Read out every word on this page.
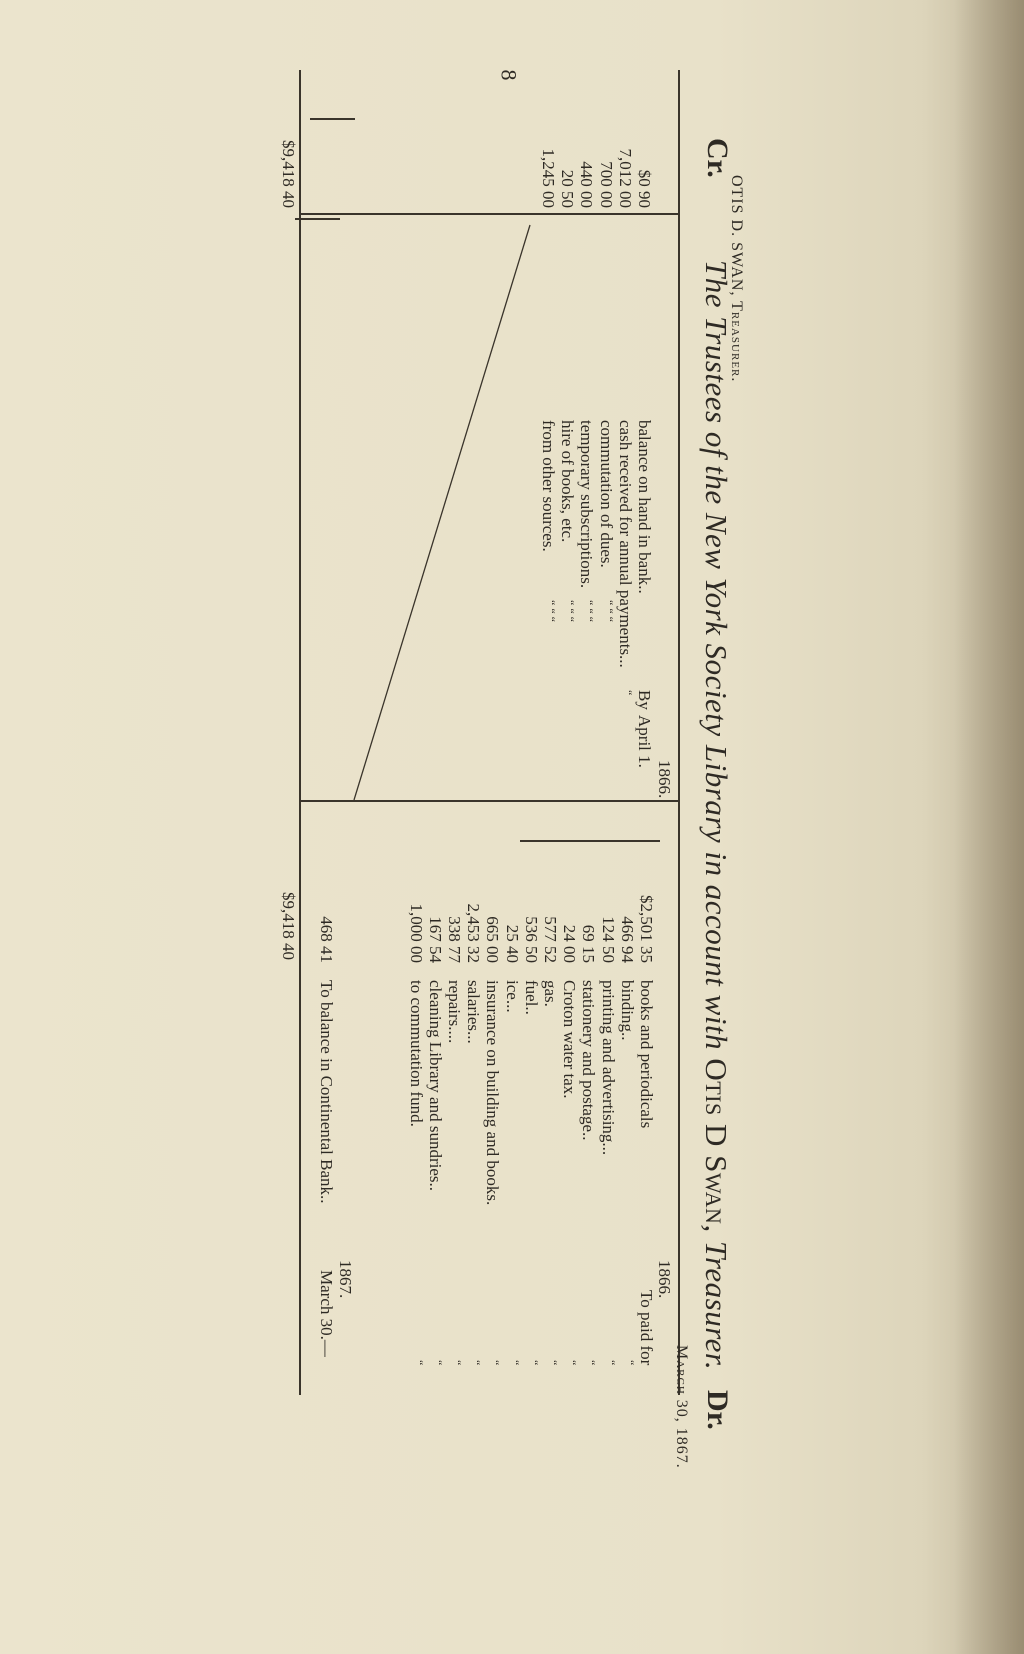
8
Dr.
The Trustees of the New York Society Library in account with Otis D Swan, Treasurer.
Cr.
1866.
$2,501 35
books and periodicals
To paid for
466 94
binding..
“
124 50
printing and advertising...
“
69 15
stationery and postage..
“
24 00
Croton water tax.
“
577 52
gas.
“
536 50
fuel..
“
25 40
ice...
“
665 00
insurance on building and books.
“
2,453 32
salaries...
“
338 77
repairs....
“
167 54
cleaning Library and sundries..
“
1,000 00
to commutation fund.
“
March 30.—
To balance in Continental Bank..
468 41
$9,418 40
1867.
1866.
April 1.
By
balance on hand in bank..
$0 90
“
cash received for annual payments...
7,012 00
“ “ “
commutation of dues.
700 00
“ “ “
temporary subscriptions.
440 00
“ “ “
hire of books, etc.
20 50
“ “ “
from other sources.
1,245 00
$9,418 40
March 30, 1867.
OTIS D. SWAN, Treasurer.
